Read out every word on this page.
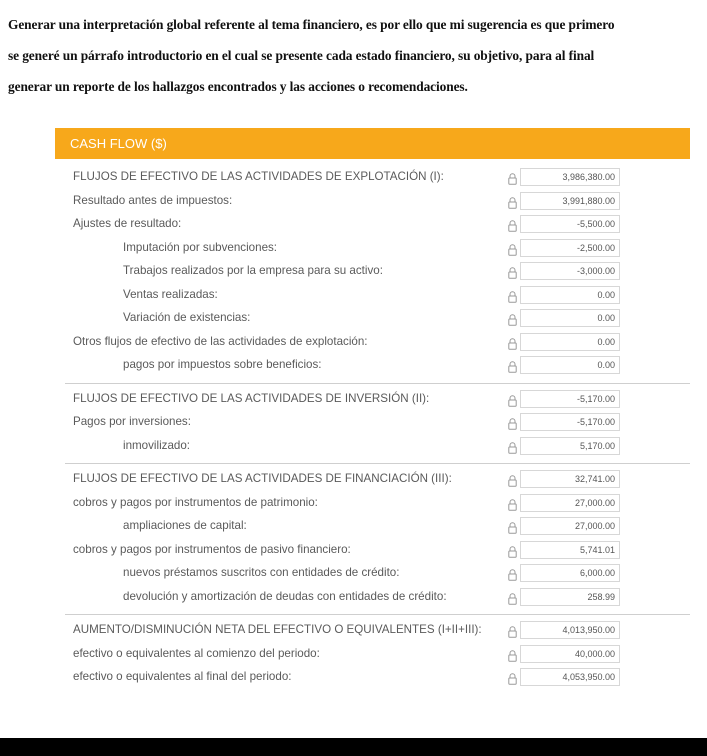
Generar una interpretación global referente al tema financiero, es por ello que mi sugerencia es que primero
se generé un párrafo introductorio en el cual se presente cada estado financiero, su objetivo, para al final
generar un reporte de los hallazgos encontrados y las acciones o recomendaciones.
CASH FLOW ($)
FLUJOS DE EFECTIVO DE LAS ACTIVIDADES DE EXPLOTACIÓN (I):	3,986,380.00
Resultado antes de impuestos:	3,991,880.00
Ajustes de resultado:	-5,500.00
Imputación por subvenciones:	-2,500.00
Trabajos realizados por la empresa para su activo:	-3,000.00
Ventas realizadas:	0.00
Variación de existencias:	0.00
Otros flujos de efectivo de las actividades de explotación:	0.00
pagos por impuestos sobre beneficios:	0.00
FLUJOS DE EFECTIVO DE LAS ACTIVIDADES DE INVERSIÓN (II):	-5,170.00
Pagos por inversiones:	-5,170.00
inmovilizado:	5,170.00
FLUJOS DE EFECTIVO DE LAS ACTIVIDADES DE FINANCIACIÓN (III):	32,741.00
cobros y pagos por instrumentos de patrimonio:	27,000.00
ampliaciones de capital:	27,000.00
cobros y pagos por instrumentos de pasivo financiero:	5,741.01
nuevos préstamos suscritos con entidades de crédito:	6,000.00
devolución y amortización de deudas con entidades de crédito:	258.99
AUMENTO/DISMINUCIÓN NETA DEL EFECTIVO O EQUIVALENTES (I+II+III):	4,013,950.00
efectivo o equivalentes al comienzo del periodo:	40,000.00
efectivo o equivalentes al final del periodo:	4,053,950.00
